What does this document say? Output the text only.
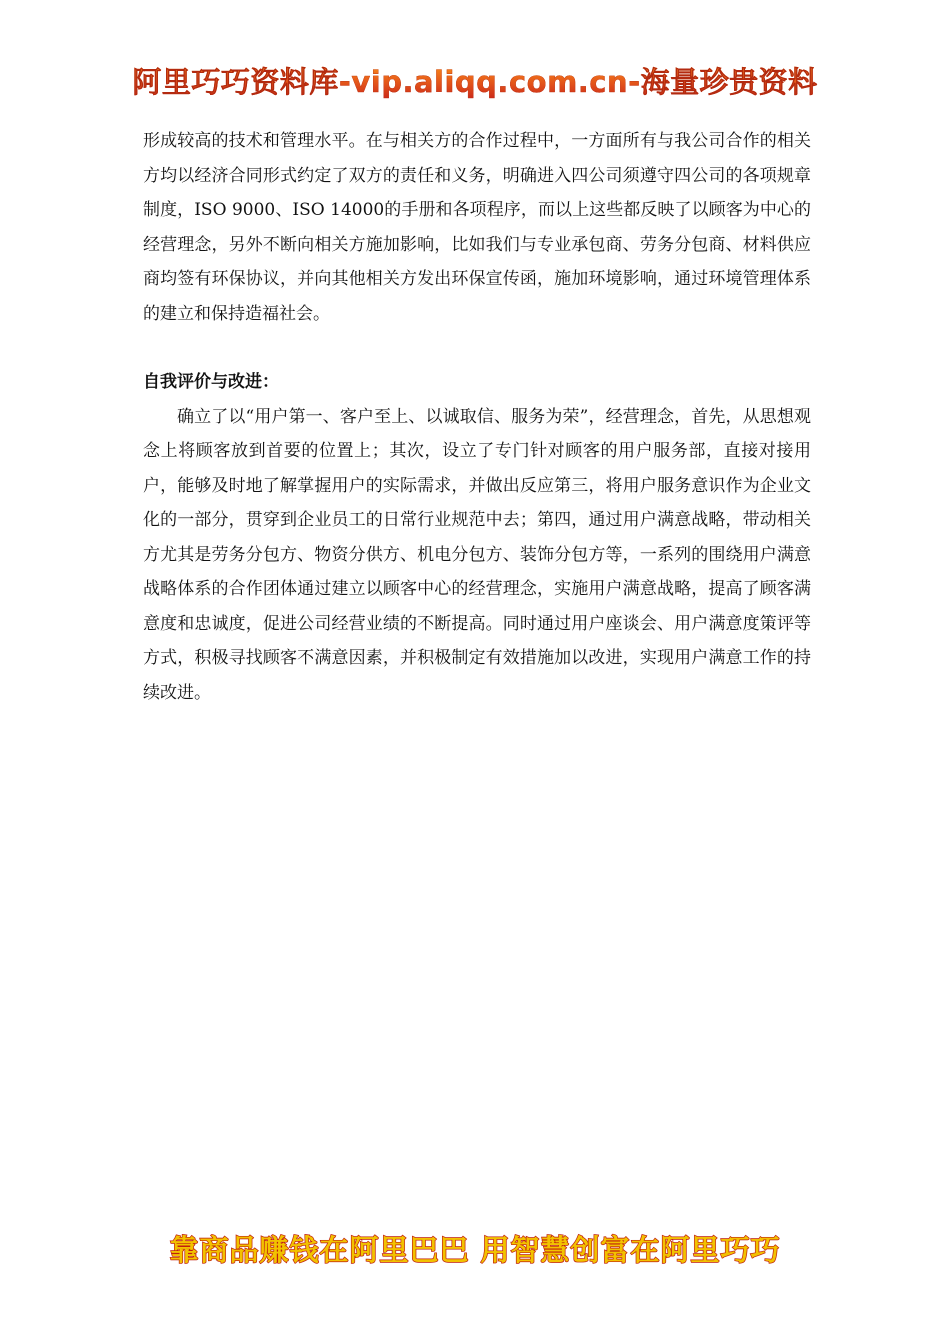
阿里巧巧资料库-vip.aliqq.com.cn-海量珍贵资料

形成较高的技术和管理水平。在与相关方的合作过程中，一方面所有与我公司合作的相关方均以经济合同形式约定了双方的责任和义务，明确进入四公司须遵守四公司的各项规章制度，ISO 9000、ISO 14000的手册和各项程序，而以上这些都反映了以顾客为中心的经营理念，另外不断向相关方施加影响，比如我们与专业承包商、劳务分包商、材料供应商均签有环保协议，并向其他相关方发出环保宣传函，施加环境影响，通过环境管理体系的建立和保持造福社会。

自我评价与改进：

确立了以“用户第一、客户至上、以诚取信、服务为荣”，经营理念，首先，从思想观念上将顾客放到首要的位置上；其次，设立了专门针对顾客的用户服务部，直接对接用户，能够及时地了解掌握用户的实际需求，并做出反应第三，将用户服务意识作为企业文化的一部分，贯穿到企业员工的日常行业规范中去；第四，通过用户满意战略，带动相关方尤其是劳务分包方、物资分供方、机电分包方、装饰分包方等，一系列的围绕用户满意战略体系的合作团体通过建立以顾客中心的经营理念，实施用户满意战略，提高了顾客满意度和忠诚度，促进公司经营业绩的不断提高。同时通过用户座谈会、用户满意度策评等方式，积极寻找顾客不满意因素，并积极制定有效措施加以改进，实现用户满意工作的持续改进。

靠商品赚钱在阿里巴巴 用智慧创富在阿里巧巧
